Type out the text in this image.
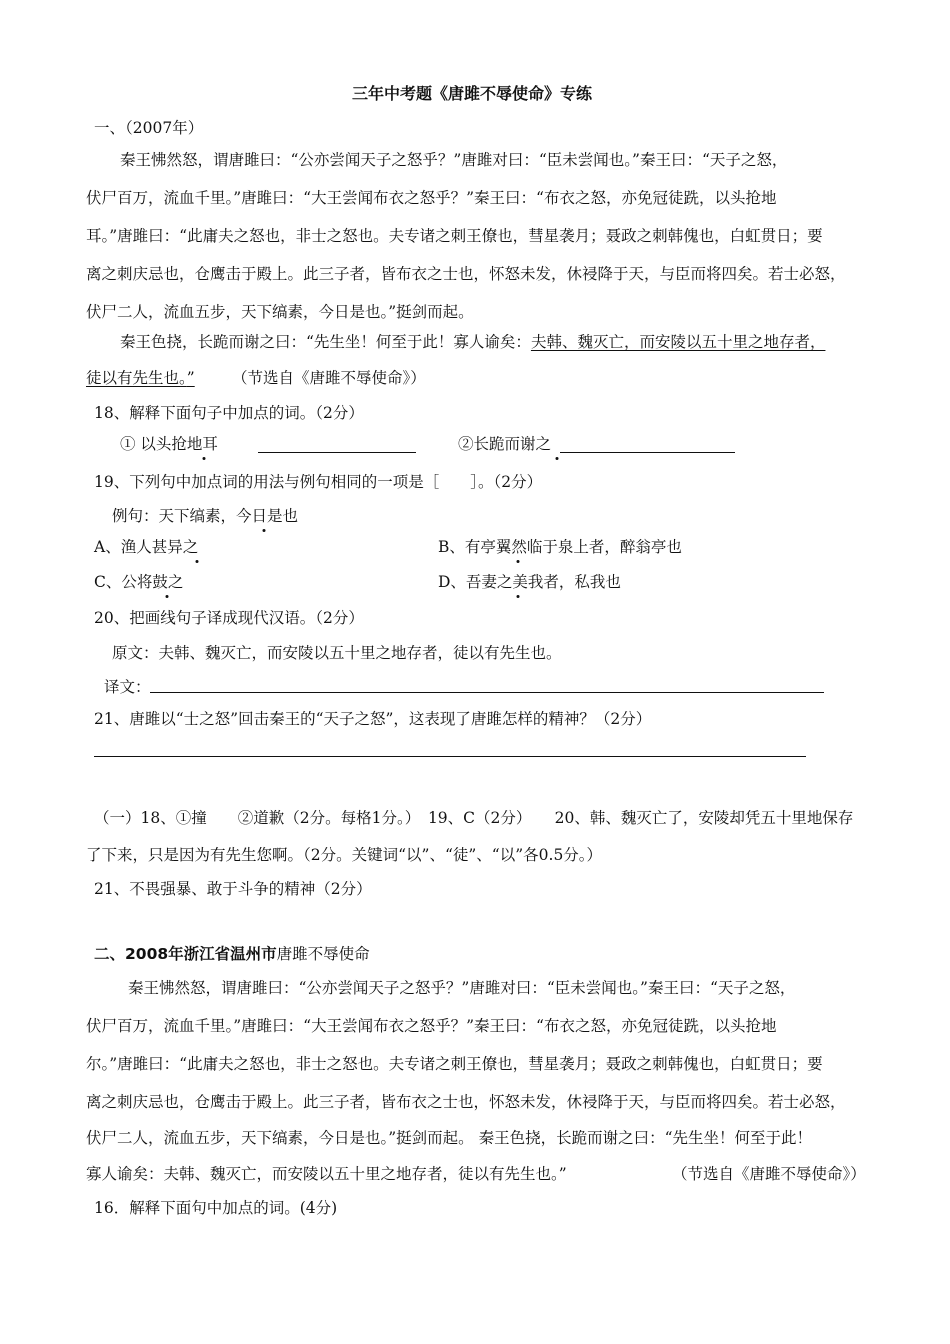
三年中考题《唐雎不辱使命》专练
一、（2007年）
秦王怫然怒，谓唐雎曰：“公亦尝闻天子之怒乎？”唐雎对曰：“臣未尝闻也。”秦王曰：“天子之怒，
伏尸百万，流血千里。”唐雎曰：“大王尝闻布衣之怒乎？”秦王曰：“布衣之怒，亦免冠徒跣，以头抢地
耳。”唐雎曰：“此庸夫之怒也，非士之怒也。夫专诸之刺王僚也，彗星袭月；聂政之刺韩傀也，白虹贯日；要
离之刺庆忌也，仓鹰击于殿上。此三子者，皆布衣之士也，怀怒未发，休祲降于天，与臣而将四矣。若士必怒，
伏尸二人，流血五步，天下缟素，今日是也。”挺剑而起。
秦王色挠，长跪而谢之曰：“先生坐！何至于此！寡人谕矣：夫韩、魏灭亡，而安陵以五十里之地存者，
徒以有先生也。” （节选自《唐雎不辱使命》）
18、解释下面句子中加点的词。（2分）
① 以头抢地耳	②长跪而谢之
19、下列句中加点词的用法与例句相同的一项是［　　］。（2分）
例句：天下缟素，今日是也
A、渔人甚异之	B、有亭翼然临于泉上者，醉翁亭也
C、公将鼓之	D、吾妻之美我者，私我也
20、把画线句子译成现代汉语。（2分）
原文：夫韩、魏灭亡，而安陵以五十里之地存者，徒以有先生也。
译文：
21、唐雎以“士之怒”回击秦王的“天子之怒”，这表现了唐雎怎样的精神？（2分）
（一）18、①撞　　②道歉（2分。每格1分。）　19、C（2分）　　20、韩、魏灭亡了，安陵却凭五十里地保存
了下来，只是因为有先生您啊。（2分。关键词“以”、“徒”、“以”各0.5分。）
21、不畏强暴、敢于斗争的精神（2分）
二、2008年浙江省温州市唐雎不辱使命
秦王怫然怒，谓唐雎曰：“公亦尝闻天子之怒乎？”唐雎对曰：“臣未尝闻也。”秦王曰：“天子之怒，
伏尸百万，流血千里。”唐雎曰：“大王尝闻布衣之怒乎？”秦王曰：“布衣之怒，亦免冠徒跣，以头抢地
尔。”唐雎曰：“此庸夫之怒也，非士之怒也。夫专诸之刺王僚也，彗星袭月；聂政之刺韩傀也，白虹贯日；要
离之刺庆忌也，仓鹰击于殿上。此三子者，皆布衣之士也，怀怒未发，休祲降于天，与臣而将四矣。若士必怒，
伏尸二人，流血五步，天下缟素，今日是也。”挺剑而起。 秦王色挠，长跪而谢之曰：“先生坐！何至于此！
寡人谕矣：夫韩、魏灭亡，而安陵以五十里之地存者，徒以有先生也。”	（节选自《唐雎不辱使命》）
16．解释下面句中加点的词。(4分)
